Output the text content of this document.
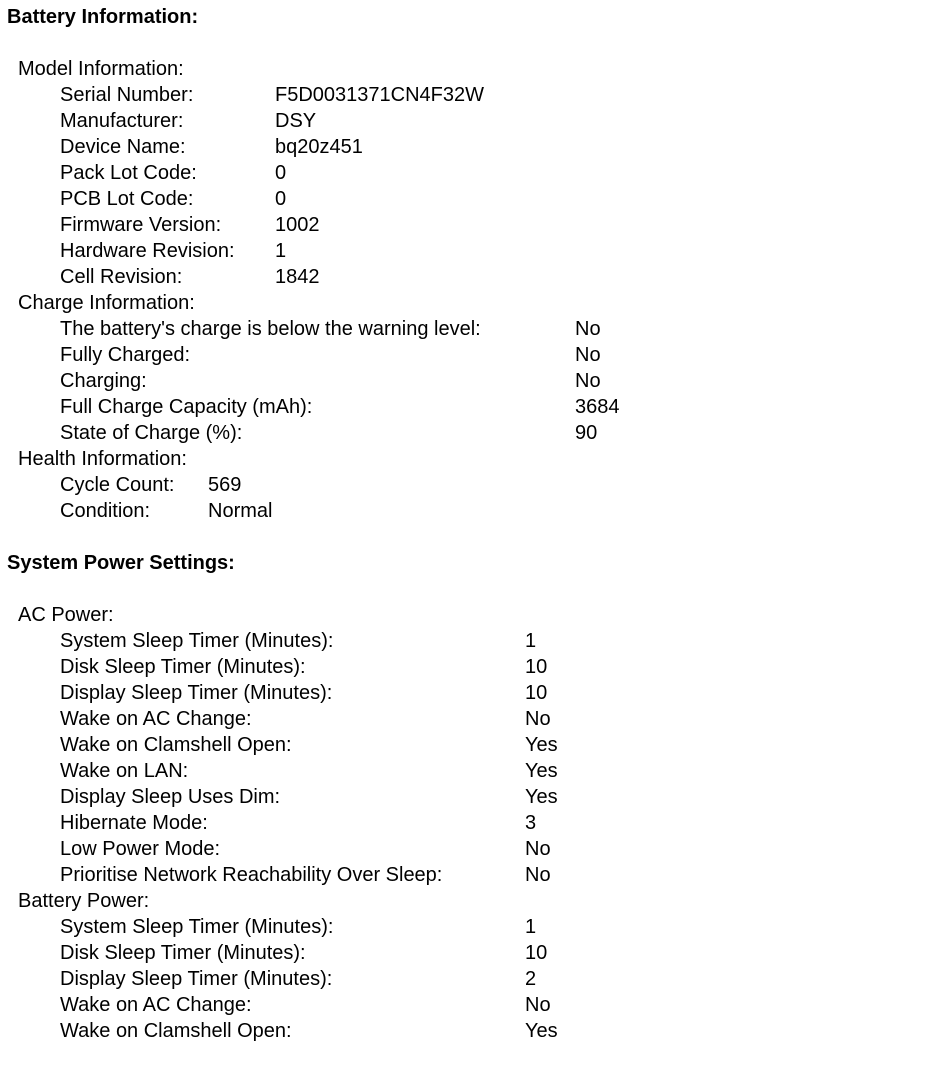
Battery Information:
Model Information:
Serial Number:	F5D0031371CN4F32W
Manufacturer:	DSY
Device Name:	bq20z451
Pack Lot Code:	0
PCB Lot Code:	0
Firmware Version:	1002
Hardware Revision: 1
Cell Revision:	1842
Charge Information:
The battery's charge is below the warning level:	No
Fully Charged:	No
Charging:	No
Full Charge Capacity (mAh):	3684
State of Charge (%):	90
Health Information:
Cycle Count: 569
Condition:	Normal
System Power Settings:
AC Power:
System Sleep Timer (Minutes):	1
Disk Sleep Timer (Minutes):	10
Display Sleep Timer (Minutes):	10
Wake on AC Change:	No
Wake on Clamshell Open:	Yes
Wake on LAN:	Yes
Display Sleep Uses Dim:	Yes
Hibernate Mode:	3
Low Power Mode:	No
Prioritise Network Reachability Over Sleep:	No
Battery Power:
System Sleep Timer (Minutes):	1
Disk Sleep Timer (Minutes):	10
Display Sleep Timer (Minutes):	2
Wake on AC Change:	No
Wake on Clamshell Open:	Yes
